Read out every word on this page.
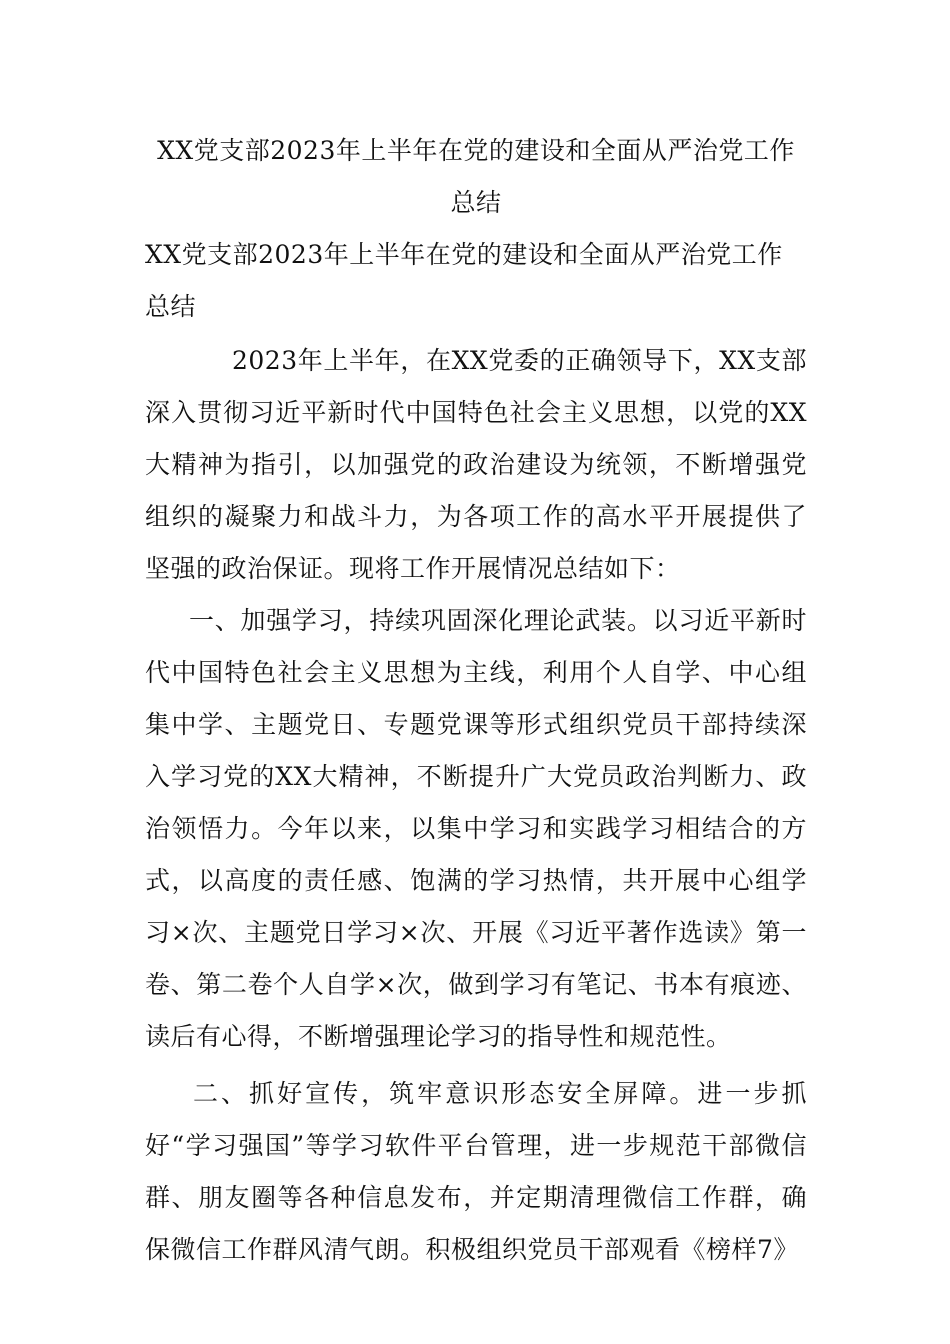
XX党支部2023年上半年在党的建设和全面从严治党工作
总结
XX党支部2023年上半年在党的建设和全面从严治党工作总结

2023年上半年，在XX党委的正确领导下，XX支部深入贯彻习近平新时代中国特色社会主义思想，以党的XX大精神为指引，以加强党的政治建设为统领，不断增强党组织的凝聚力和战斗力，为各项工作的高水平开展提供了坚强的政治保证。现将工作开展情况总结如下：

一、加强学习，持续巩固深化理论武装。以习近平新时代中国特色社会主义思想为主线，利用个人自学、中心组集中学、主题党日、专题党课等形式组织党员干部持续深入学习党的XX大精神，不断提升广大党员政治判断力、政治领悟力。今年以来，以集中学习和实践学习相结合的方式，以高度的责任感、饱满的学习热情，共开展中心组学习×次、主题党日学习×次、开展《习近平著作选读》第一卷、第二卷个人自学×次，做到学习有笔记、书本有痕迹、读后有心得，不断增强理论学习的指导性和规范性。

二、抓好宣传，筑牢意识形态安全屏障。进一步抓好“学习强国”等学习软件平台管理，进一步规范干部微信群、朋友圈等各种信息发布，并定期清理微信工作群，确保微信工作群风清气朗。积极组织党员干部观看《榜样7》
